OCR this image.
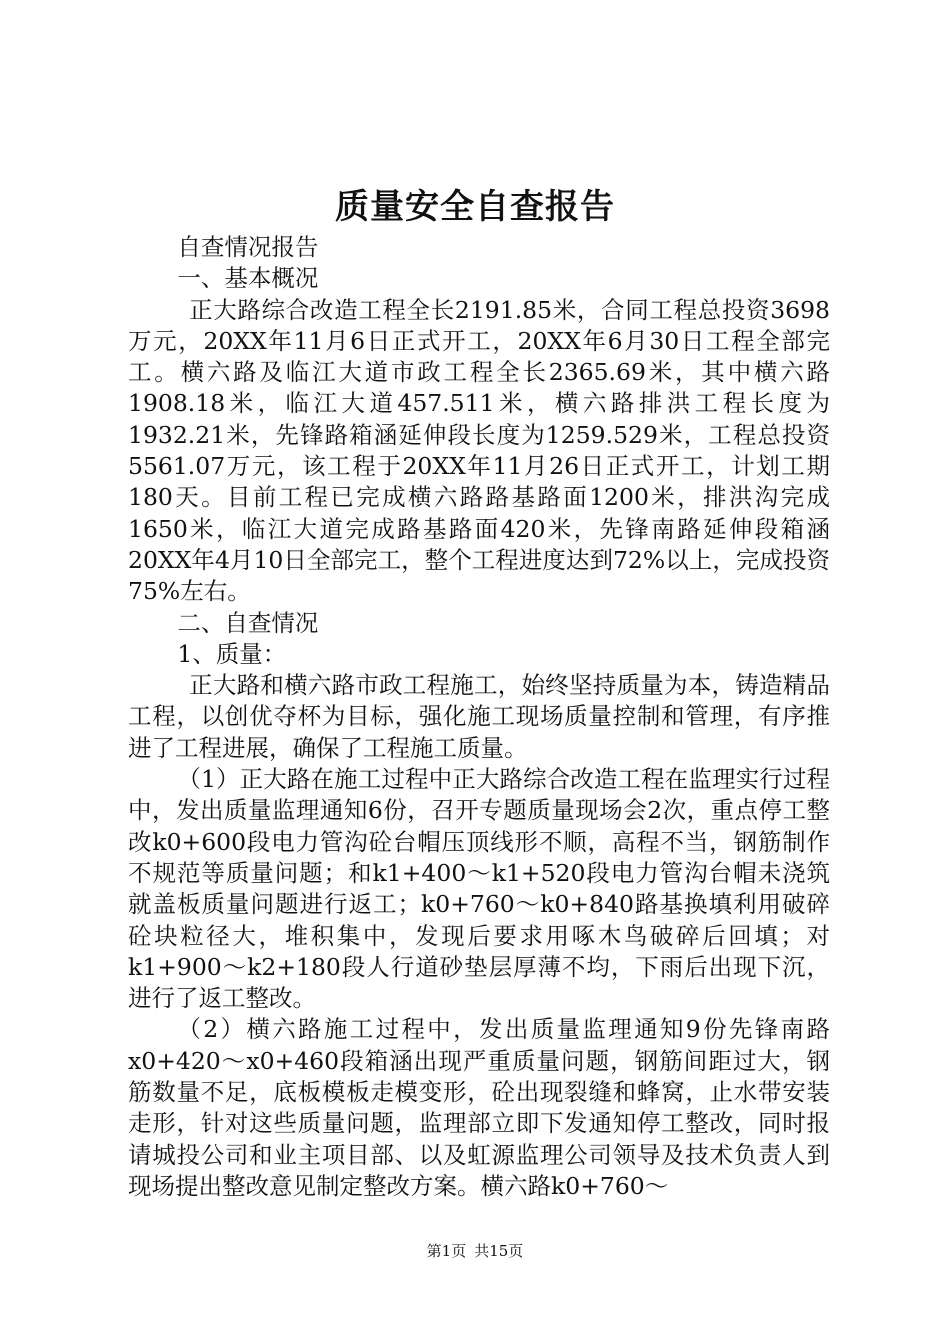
质量安全自查报告

自查情况报告

一、基本概况

正大路综合改造工程全长2191.85米，合同工程总投资3698万元，20XX年11月6日正式开工，20XX年6月30日工程全部完工。横六路及临江大道市政工程全长2365.69米，其中横六路1908.18米，临江大道457.511米，横六路排洪工程长度为1932.21米，先锋路箱涵延伸段长度为1259.529米，工程总投资5561.07万元，该工程于20XX年11月26日正式开工，计划工期180天。目前工程已完成横六路路基路面1200米，排洪沟完成1650米，临江大道完成路基路面420米，先锋南路延伸段箱涵20XX年4月10日全部完工，整个工程进度达到72%以上，完成投资75%左右。

二、自查情况

1、质量：

正大路和横六路市政工程施工，始终坚持质量为本，铸造精品工程，以创优夺杯为目标，强化施工现场质量控制和管理，有序推进了工程进展，确保了工程施工质量。

（1）正大路在施工过程中正大路综合改造工程在监理实行过程中，发出质量监理通知6份，召开专题质量现场会2次，重点停工整改k0+600段电力管沟砼台帽压顶线形不顺，高程不当，钢筋制作不规范等质量问题；和k1+400～k1+520段电力管沟台帽未浇筑就盖板质量问题进行返工；k0+760～k0+840路基换填利用破碎砼块粒径大，堆积集中，发现后要求用啄木鸟破碎后回填；对k1+900～k2+180段人行道砂垫层厚薄不均，下雨后出现下沉，进行了返工整改。

（2）横六路施工过程中，发出质量监理通知9份先锋南路x0+420～x0+460段箱涵出现严重质量问题，钢筋间距过大，钢筋数量不足，底板模板走模变形，砼出现裂缝和蜂窝，止水带安装走形，针对这些质量问题，监理部立即下发通知停工整改，同时报请城投公司和业主项目部、以及虹源监理公司领导及技术负责人到现场提出整改意见制定整改方案。横六路k0+760～

第1页 共15页
